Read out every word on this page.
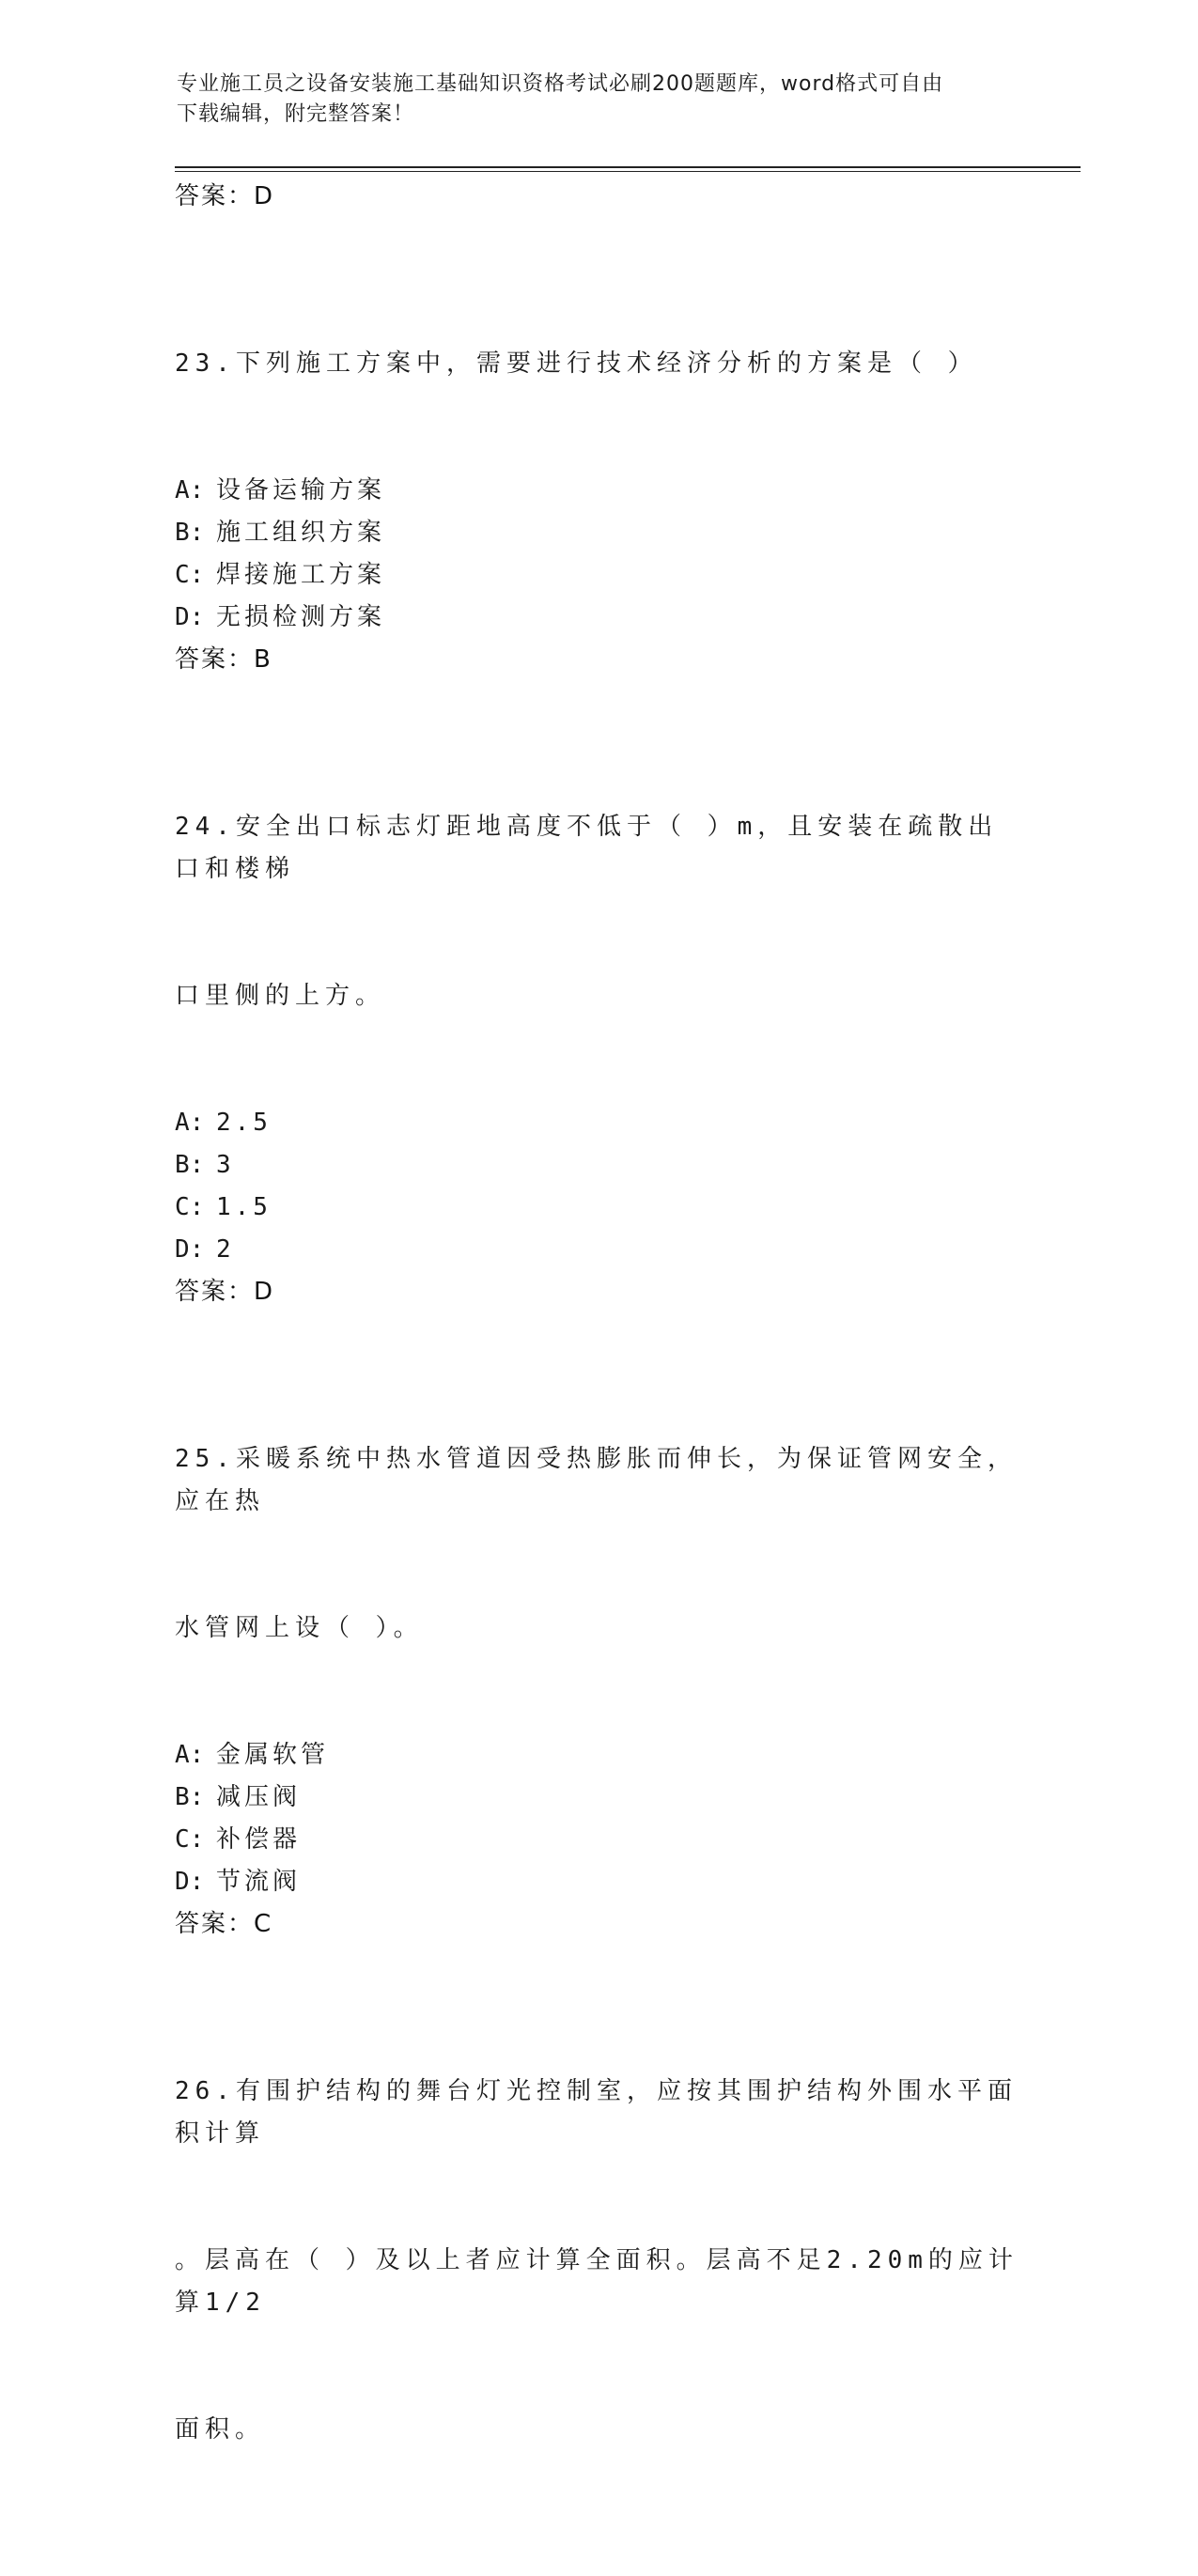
专业施工员之设备安装施工基础知识资格考试必刷200题题库，word格式可自由
下载编辑，附完整答案！
答案：D

23.下列施工方案中，需要进行技术经济分析的方案是（ ）

A: 设备运输方案
B: 施工组织方案
C: 焊接施工方案
D: 无损检测方案
答案：B

24.安全出口标志灯距地高度不低于（ ）m，且安装在疏散出口和楼梯

口里侧的上方。

A: 2.5
B: 3
C: 1.5
D: 2
答案：D

25.采暖系统中热水管道因受热膨胀而伸长，为保证管网安全，应在热

水管网上设（ ）。

A: 金属软管
B: 减压阀
C: 补偿器
D: 节流阀
答案：C

26.有围护结构的舞台灯光控制室，应按其围护结构外围水平面积计算

。层高在（ ）及以上者应计算全面积。层高不足2.20m的应计算1/2

面积。
